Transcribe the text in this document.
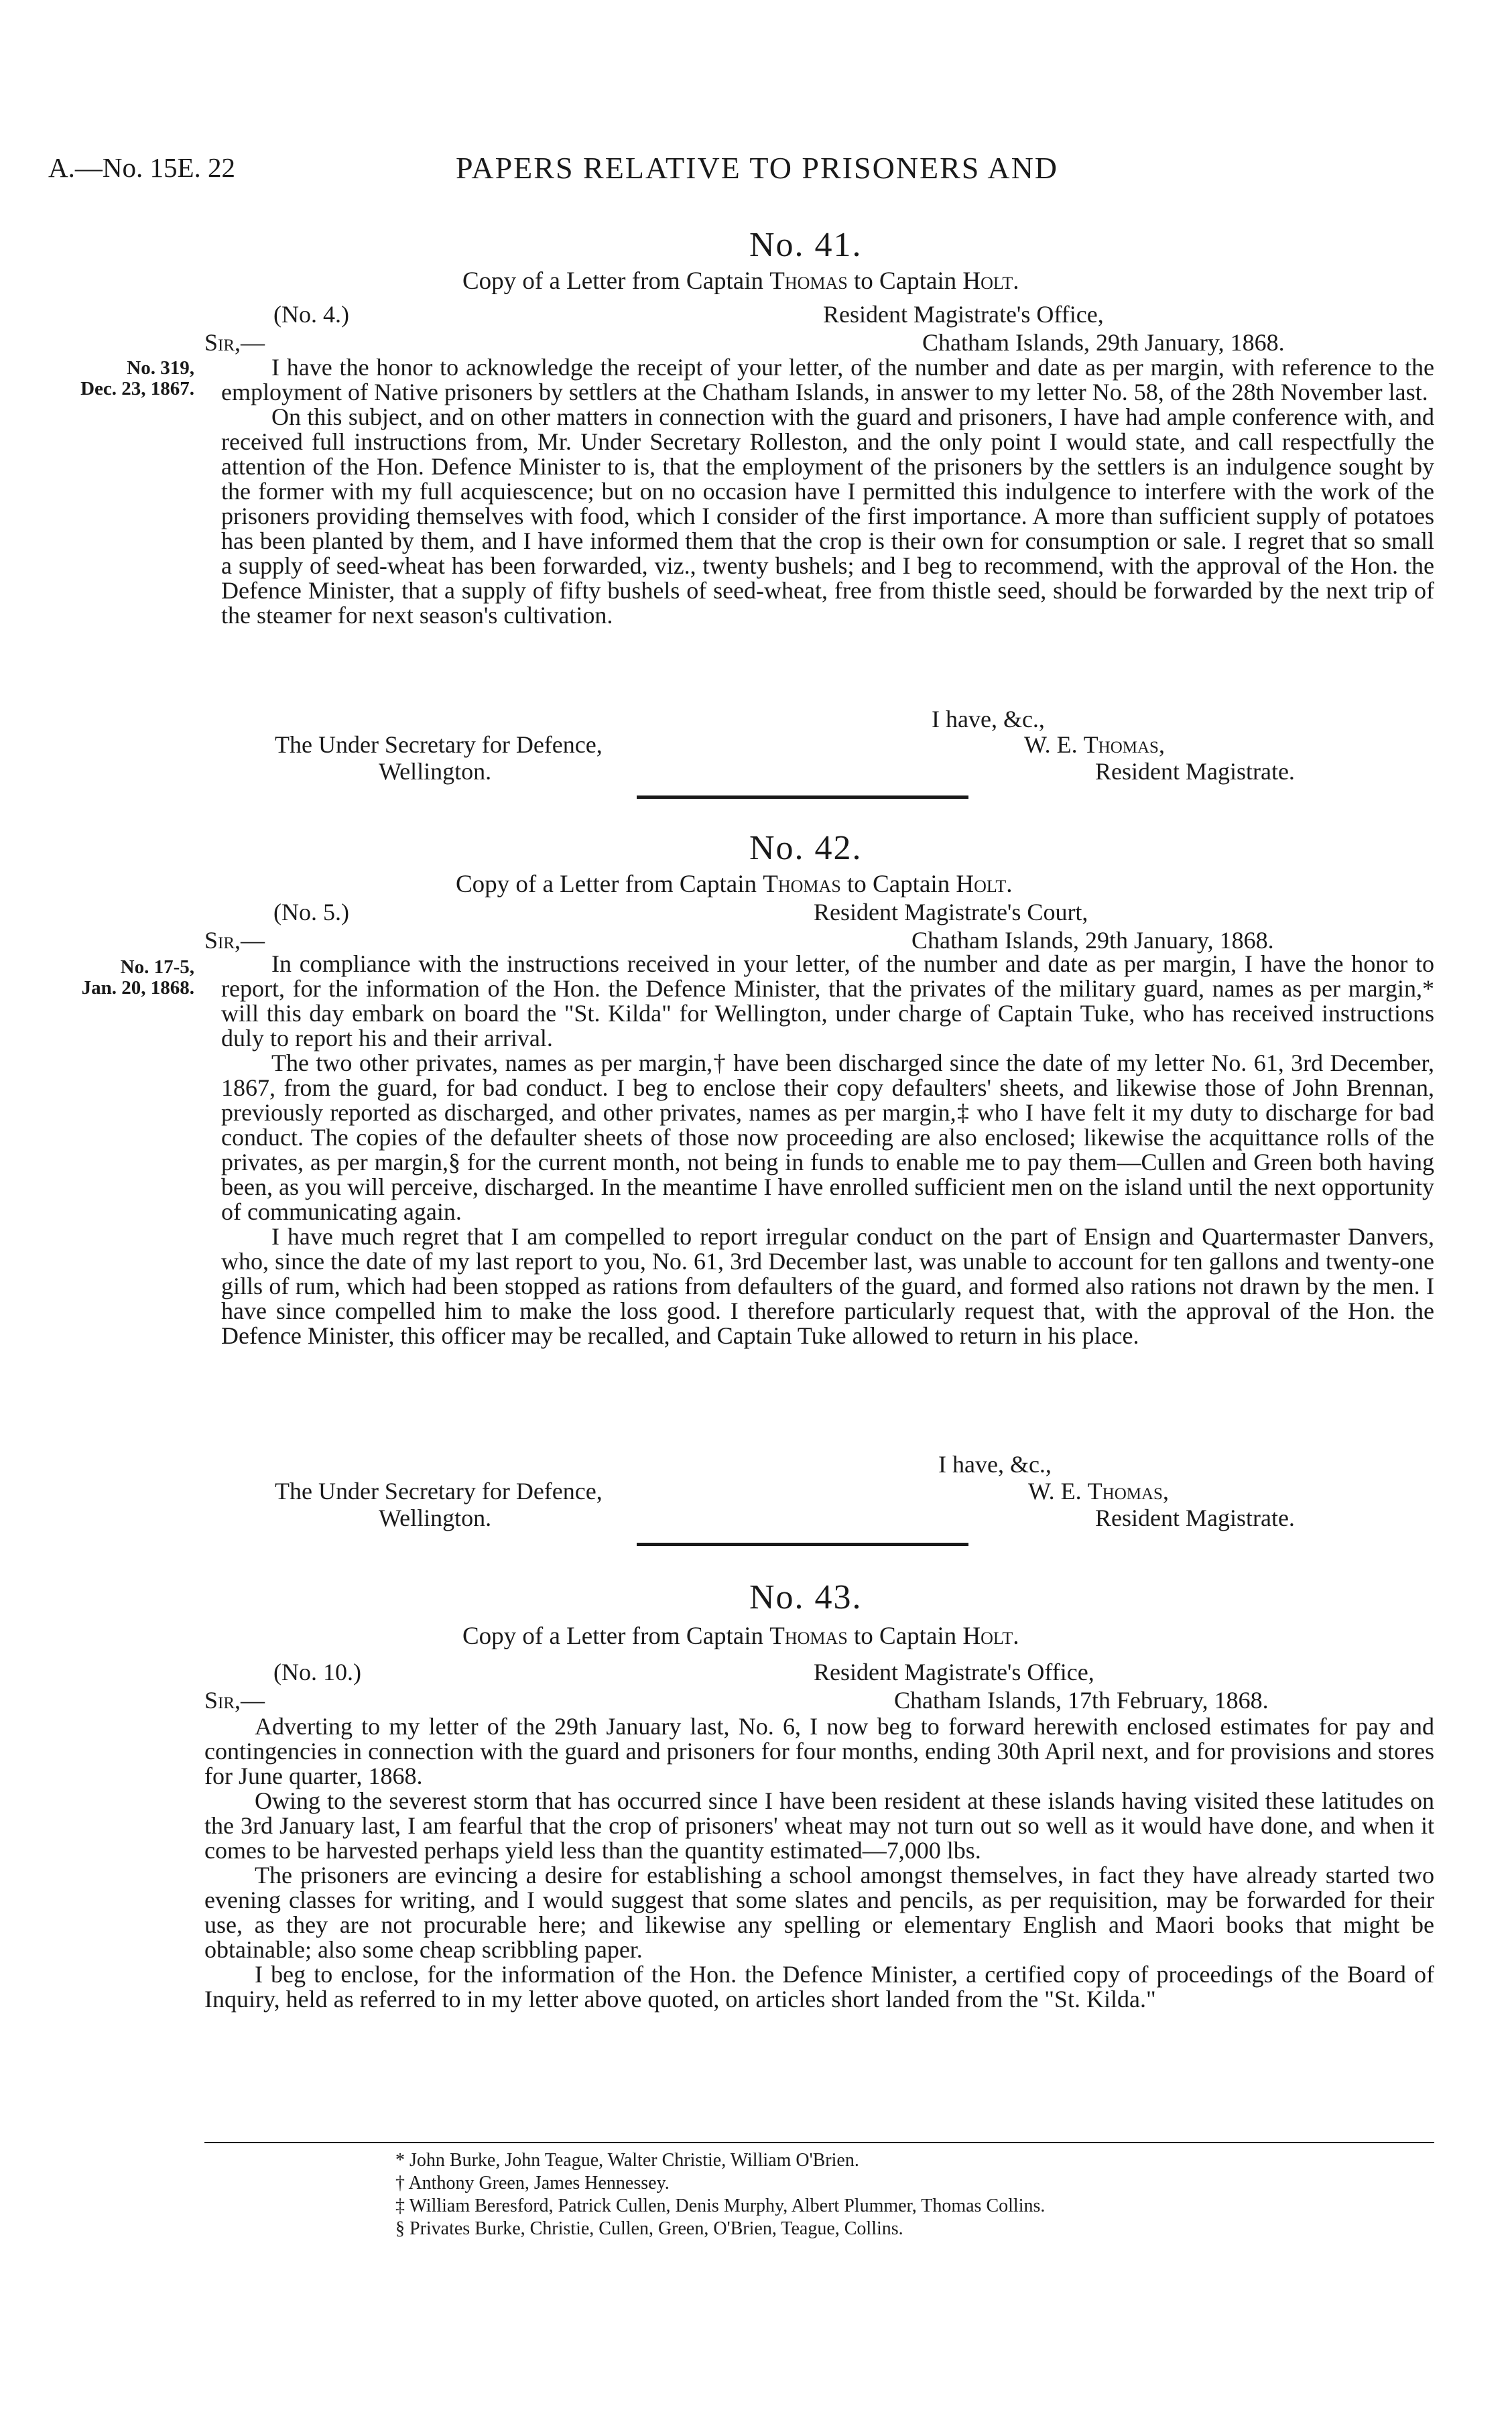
A.—No. 15E. 22	PAPERS RELATIVE TO PRISONERS AND
No. 41.
Copy of a Letter from Captain Thomas to Captain Holt.
(No. 4.)	Resident Magistrate's Office,
Sir,—	Chatham Islands, 29th January, 1868.
No. 319,
Dec. 23, 1867.

I have the honor to acknowledge the receipt of your letter, of the number and date as per margin, with reference to the employment of Native prisoners by settlers at the Chatham Islands, in answer to my letter No. 58, of the 28th November last.

On this subject, and on other matters in connection with the guard and prisoners, I have had ample conference with, and received full instructions from, Mr. Under Secretary Rolleston, and the only point I would state, and call respectfully the attention of the Hon. Defence Minister to is, that the employment of the prisoners by the settlers is an indulgence sought by the former with my full acquiescence; but on no occasion have I permitted this indulgence to interfere with the work of the prisoners providing themselves with food, which I consider of the first importance. A more than sufficient supply of potatoes has been planted by them, and I have informed them that the crop is their own for consumption or sale. I regret that so small a supply of seed-wheat has been forwarded, viz., twenty bushels; and I beg to recommend, with the approval of the Hon. the Defence Minister, that a supply of fifty bushels of seed-wheat, free from thistle seed, should be forwarded by the next trip of the steamer for next season's cultivation.

I have, &c.,
The Under Secretary for Defence,	W. E. Thomas,
Wellington.	Resident Magistrate.
No. 42.
Copy of a Letter from Captain Thomas to Captain Holt.
(No. 5.)	Resident Magistrate's Court,
Sir,—	Chatham Islands, 29th January, 1868.
No. 17-5,
Jan. 20, 1868.

In compliance with the instructions received in your letter, of the number and date as per margin, I have the honor to report, for the information of the Hon. the Defence Minister, that the privates of the military guard, names as per margin,* will this day embark on board the "St. Kilda" for Wellington, under charge of Captain Tuke, who has received instructions duly to report his and their arrival.

The two other privates, names as per margin,† have been discharged since the date of my letter No. 61, 3rd December, 1867, from the guard, for bad conduct. I beg to enclose their copy defaulters' sheets, and likewise those of John Brennan, previously reported as discharged, and other privates, names as per margin,‡ who I have felt it my duty to discharge for bad conduct. The copies of the defaulter sheets of those now proceeding are also enclosed; likewise the acquittance rolls of the privates, as per margin,§ for the current month, not being in funds to enable me to pay them—Cullen and Green both having been, as you will perceive, discharged. In the meantime I have enrolled sufficient men on the island until the next opportunity of communicating again.

I have much regret that I am compelled to report irregular conduct on the part of Ensign and Quartermaster Danvers, who, since the date of my last report to you, No. 61, 3rd December last, was unable to account for ten gallons and twenty-one gills of rum, which had been stopped as rations from defaulters of the guard, and formed also rations not drawn by the men. I have since compelled him to make the loss good. I therefore particularly request that, with the approval of the Hon. the Defence Minister, this officer may be recalled, and Captain Tuke allowed to return in his place.

I have, &c.,
The Under Secretary for Defence,	W. E. Thomas,
Wellington.	Resident Magistrate.
No. 43.
Copy of a Letter from Captain Thomas to Captain Holt.
(No. 10.)	Resident Magistrate's Office,
Sir,—	Chatham Islands, 17th February, 1868.

Adverting to my letter of the 29th January last, No. 6, I now beg to forward herewith enclosed estimates for pay and contingencies in connection with the guard and prisoners for four months, ending 30th April next, and for provisions and stores for June quarter, 1868.

Owing to the severest storm that has occurred since I have been resident at these islands having visited these latitudes on the 3rd January last, I am fearful that the crop of prisoners' wheat may not turn out so well as it would have done, and when it comes to be harvested perhaps yield less than the quantity estimated—7,000 lbs.

The prisoners are evincing a desire for establishing a school amongst themselves, in fact they have already started two evening classes for writing, and I would suggest that some slates and pencils, as per requisition, may be forwarded for their use, as they are not procurable here; and likewise any spelling or elementary English and Maori books that might be obtainable; also some cheap scribbling paper.

I beg to enclose, for the information of the Hon. the Defence Minister, a certified copy of proceedings of the Board of Inquiry, held as referred to in my letter above quoted, on articles short landed from the "St. Kilda."

* John Burke, John Teague, Walter Christie, William O'Brien.
† Anthony Green, James Hennessey.
‡ William Beresford, Patrick Cullen, Denis Murphy, Albert Plummer, Thomas Collins.
§ Privates Burke, Christie, Cullen, Green, O'Brien, Teague, Collins.
